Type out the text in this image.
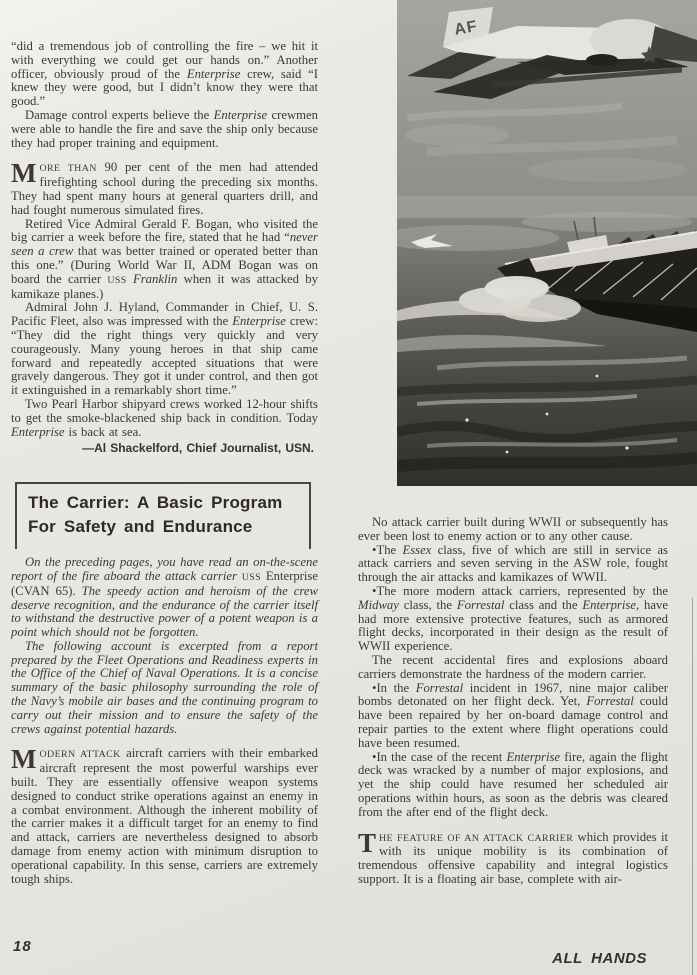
AF

“did a tremendous job of controlling the fire – we hit it with everything we could get our hands on.” Another officer, obviously proud of the Enterprise crew, said “I knew they were good, but I didn’t know they were that good.”

Damage control experts believe the Enterprise crewmen were able to handle the fire and save the ship only because they had proper training and equipment.

MORE THAN 90 per cent of the men had attended firefighting school during the preceding six months. They had spent many hours at general quarters drill, and had fought numerous simulated fires.

Retired Vice Admiral Gerald F. Bogan, who visited the big carrier a week before the fire, stated that he had “never seen a crew that was better trained or operated better than this one.” (During World War II, ADM Bogan was on board the carrier USS Franklin when it was attacked by kamikaze planes.)

Admiral John J. Hyland, Commander in Chief, U. S. Pacific Fleet, also was impressed with the Enterprise crew: “They did the right things very quickly and very courageously. Many young heroes in that ship came forward and repeatedly accepted situations that were gravely dangerous. They got it under control, and then got it extinguished in a remarkably short time.”

Two Pearl Harbor shipyard crews worked 12-hour shifts to get the smoke-blackened ship back in condition. Today Enterprise is back at sea.

—Al Shackelford, Chief Journalist, USN.
The Carrier: A Basic Program
For Safety and Endurance

On the preceding pages, you have read an on-the-scene report of the fire aboard the attack carrier USS Enterprise (CVAN 65). The speedy action and heroism of the crew deserve recognition, and the endurance of the carrier itself to withstand the destructive power of a potent weapon is a point which should not be forgotten.

The following account is excerpted from a report prepared by the Fleet Operations and Readiness experts in the Office of the Chief of Naval Operations. It is a concise summary of the basic philosophy surrounding the role of the Navy’s mobile air bases and the continuing program to carry out their mission and to ensure the safety of the crews against potential hazards.

MODERN ATTACK aircraft carriers with their embarked aircraft represent the most powerful warships ever built. They are essentially offensive weapon systems designed to conduct strike operations against an enemy in a combat environment. Although the inherent mobility of the carrier makes it a difficult target for an enemy to find and attack, carriers are nevertheless designed to absorb damage from enemy action with minimum disruption to operational capability. In this sense, carriers are extremely tough ships.

No attack carrier built during WWII or subsequently has ever been lost to enemy action or to any other cause.

•The Essex class, five of which are still in service as attack carriers and seven serving in the ASW role, fought through the air attacks and kamikazes of WWII.

•The more modern attack carriers, represented by the Midway class, the Forrestal class and the Enterprise, have had more extensive protective features, such as armored flight decks, incorporated in their design as the result of WWII experience.

The recent accidental fires and explosions aboard carriers demonstrate the hardness of the modern carrier.

•In the Forrestal incident in 1967, nine major caliber bombs detonated on her flight deck. Yet, Forrestal could have been repaired by her on-board damage control and repair parties to the extent where flight operations could have been resumed.

•In the case of the recent Enterprise fire, again the flight deck was wracked by a number of major explosions, and yet the ship could have resumed her scheduled air operations within hours, as soon as the debris was cleared from the after end of the flight deck.

THE FEATURE OF AN ATTACK CARRIER which provides it with its unique mobility is its combination of tremendous offensive capability and integral logistics support. It is a floating air base, complete with air-

18
ALL HANDS
